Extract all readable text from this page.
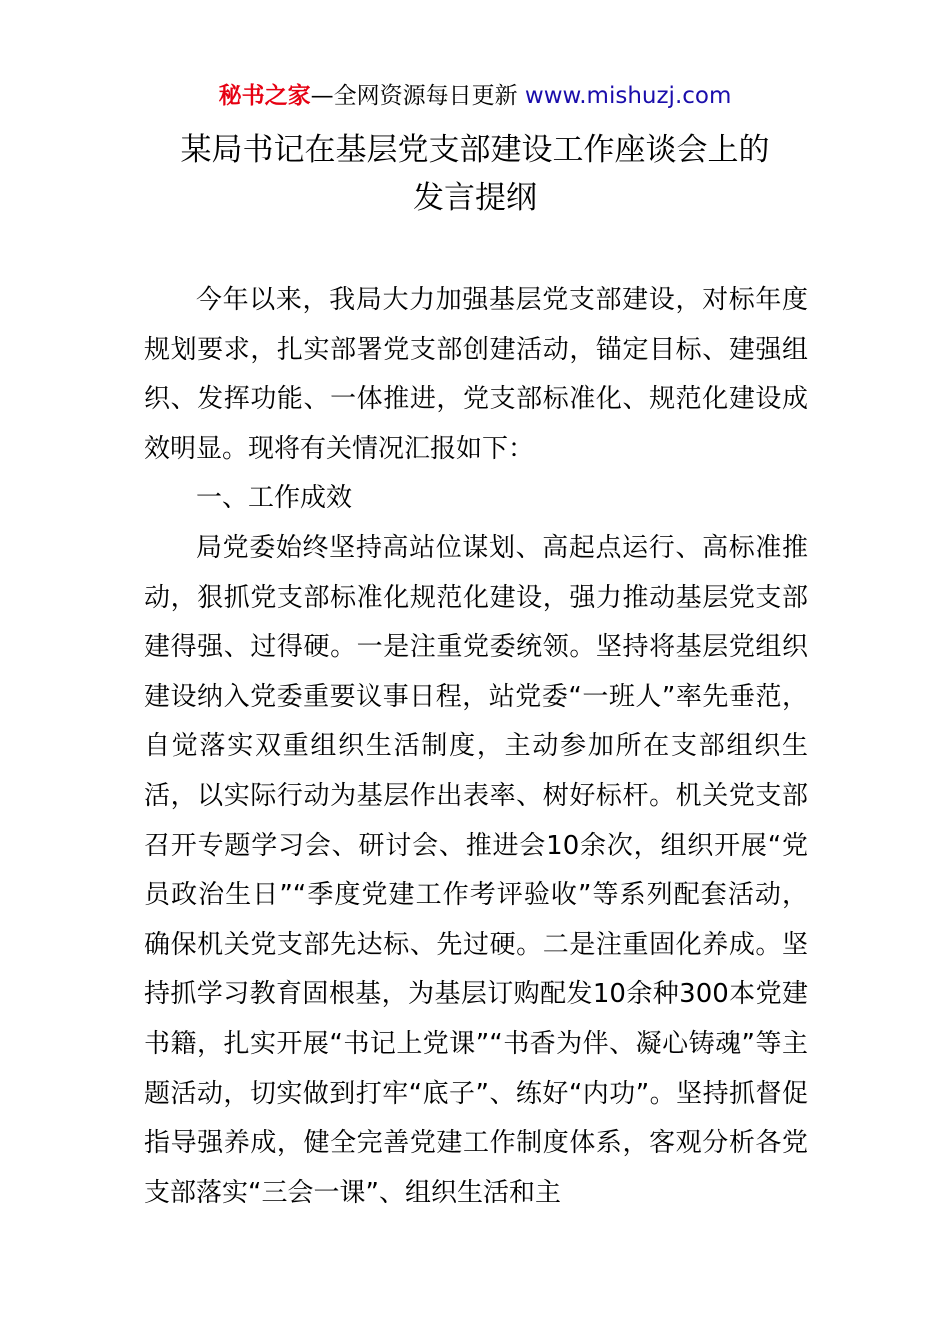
秘书之家—全网资源每日更新 www.mishuzj.com
某局书记在基层党支部建设工作座谈会上的
发言提纲

今年以来，我局大力加强基层党支部建设，对标年度规划要求，扎实部署党支部创建活动，锚定目标、建强组织、发挥功能、一体推进，党支部标准化、规范化建设成效明显。现将有关情况汇报如下：

一、工作成效

局党委始终坚持高站位谋划、高起点运行、高标准推动，狠抓党支部标准化规范化建设，强力推动基层党支部建得强、过得硬。一是注重党委统领。坚持将基层党组织建设纳入党委重要议事日程，站党委“一班人”率先垂范，自觉落实双重组织生活制度，主动参加所在支部组织生活，以实际行动为基层作出表率、树好标杆。机关党支部召开专题学习会、研讨会、推进会10余次，组织开展“党员政治生日”“季度党建工作考评验收”等系列配套活动，确保机关党支部先达标、先过硬。二是注重固化养成。坚持抓学习教育固根基，为基层订购配发10余种300本党建书籍，扎实开展“书记上党课”“书香为伴、凝心铸魂”等主题活动，切实做到打牢“底子”、练好“内功”。坚持抓督促指导强养成，健全完善党建工作制度体系，客观分析各党支部落实“三会一课”、组织生活和主
